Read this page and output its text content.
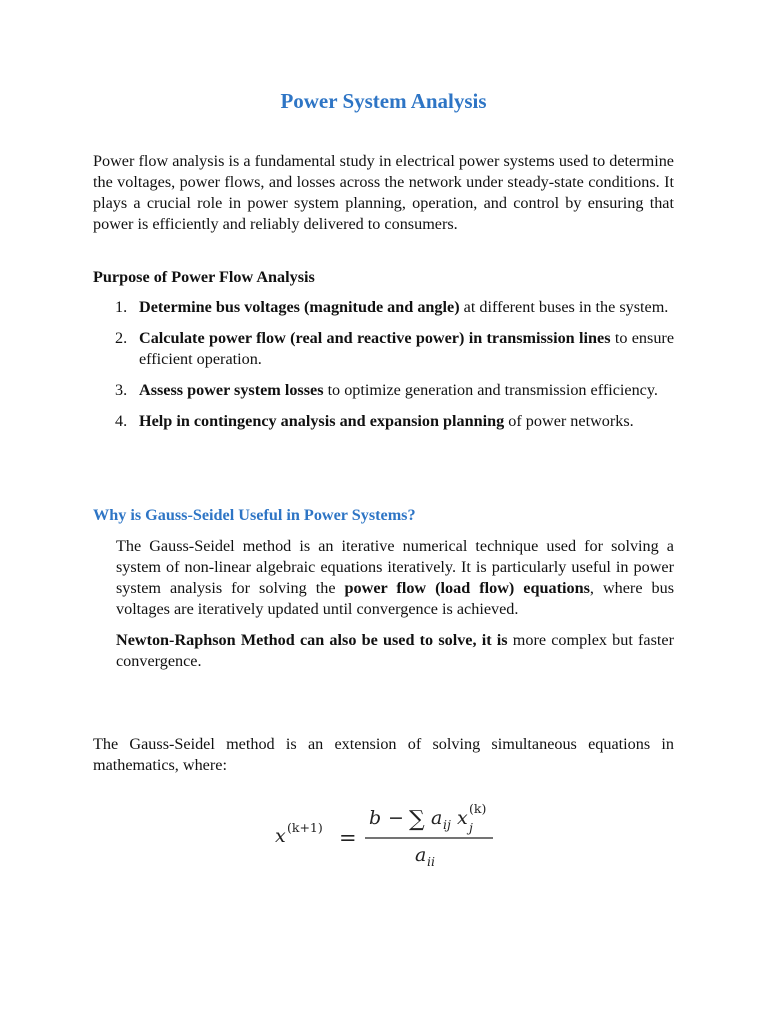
Power System Analysis

Power flow analysis is a fundamental study in electrical power systems used to determine the voltages, power flows, and losses across the network under steady-state conditions. It plays a crucial role in power system planning, operation, and control by ensuring that power is efficiently and reliably delivered to consumers.

Purpose of Power Flow Analysis

1. Determine bus voltages (magnitude and angle) at different buses in the system.
2. Calculate power flow (real and reactive power) in transmission lines to ensure efficient operation.
3. Assess power system losses to optimize generation and transmission efficiency.
4. Help in contingency analysis and expansion planning of power networks.

Why is Gauss-Seidel Useful in Power Systems?

The Gauss-Seidel method is an iterative numerical technique used for solving a system of non-linear algebraic equations iteratively. It is particularly useful in power system analysis for solving the power flow (load flow) equations, where bus voltages are iteratively updated until convergence is achieved.

Newton-Raphson Method can also be used to solve, it is more complex but faster convergence.

The Gauss-Seidel method is an extension of solving simultaneous equations in mathematics, where:

x (k+1) =
b − ∑ a ij x j
(k)
a ii
